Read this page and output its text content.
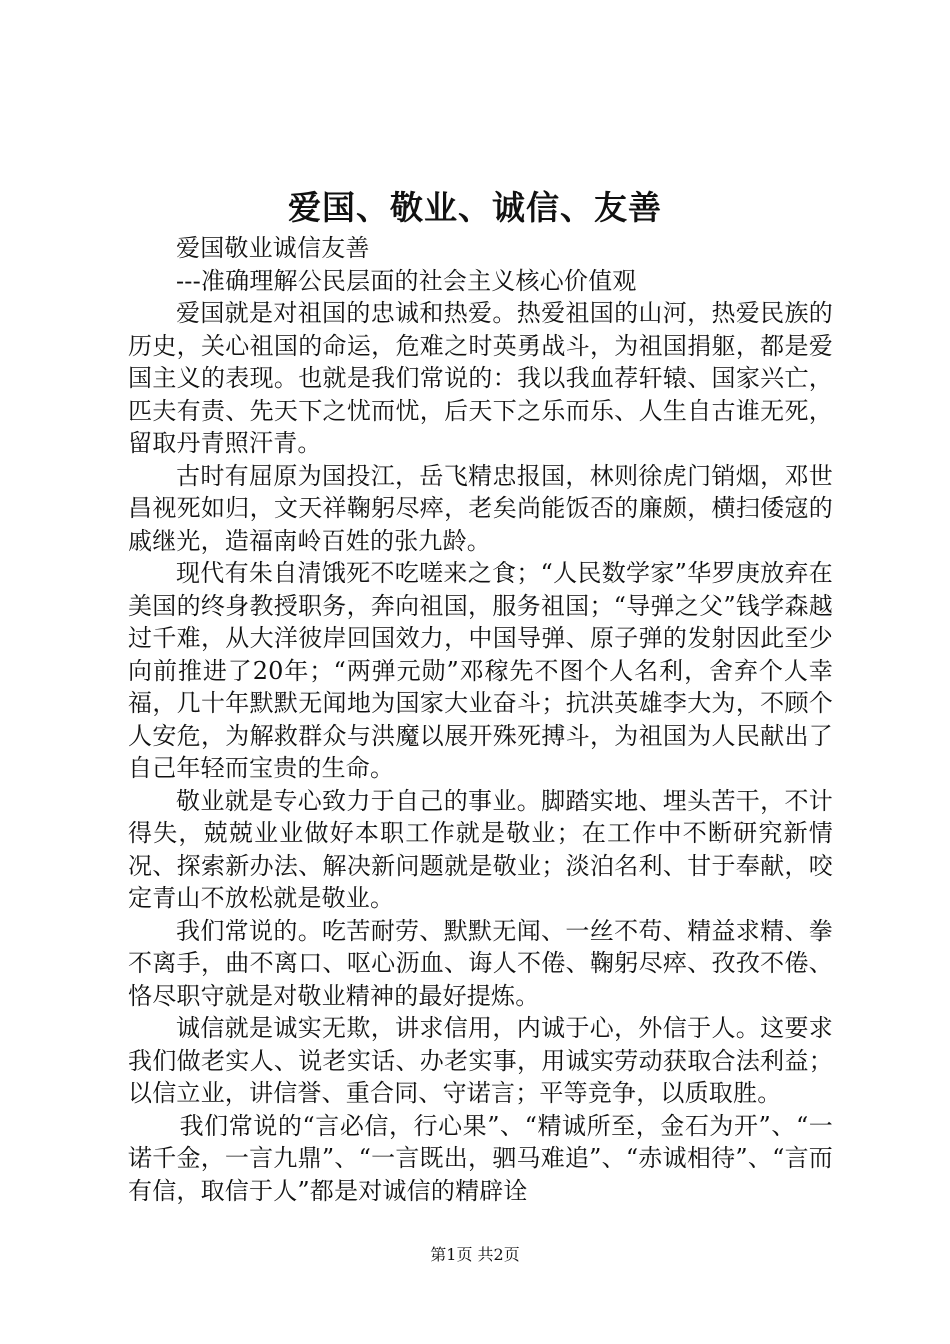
爱国、敬业、诚信、友善

爱国敬业诚信友善

---准确理解公民层面的社会主义核心价值观

爱国就是对祖国的忠诚和热爱。热爱祖国的山河，热爱民族的历史，关心祖国的命运，危难之时英勇战斗，为祖国捐躯，都是爱国主义的表现。也就是我们常说的：我以我血荐轩辕、国家兴亡，匹夫有责、先天下之忧而忧，后天下之乐而乐、人生自古谁无死，留取丹青照汗青。

古时有屈原为国投江，岳飞精忠报国，林则徐虎门销烟，邓世昌视死如归，文天祥鞠躬尽瘁，老矣尚能饭否的廉颇，横扫倭寇的戚继光，造福南岭百姓的张九龄。

现代有朱自清饿死不吃嗟来之食；“人民数学家”华罗庚放弃在美国的终身教授职务，奔向祖国，服务祖国；“导弹之父”钱学森越过千难，从大洋彼岸回国效力，中国导弹、原子弹的发射因此至少向前推进了20年；“两弹元勋”邓稼先不图个人名利，舍弃个人幸福，几十年默默无闻地为国家大业奋斗；抗洪英雄李大为，不顾个人安危，为解救群众与洪魔以展开殊死搏斗，为祖国为人民献出了自己年轻而宝贵的生命。

敬业就是专心致力于自己的事业。脚踏实地、埋头苦干，不计得失，兢兢业业做好本职工作就是敬业；在工作中不断研究新情况、探索新办法、解决新问题就是敬业；淡泊名利、甘于奉献，咬定青山不放松就是敬业。

我们常说的。吃苦耐劳、默默无闻、一丝不苟、精益求精、拳不离手，曲不离口、呕心沥血、诲人不倦、鞠躬尽瘁、孜孜不倦、恪尽职守就是对敬业精神的最好提炼。

诚信就是诚实无欺，讲求信用，内诚于心，外信于人。这要求我们做老实人、说老实话、办老实事，用诚实劳动获取合法利益；以信立业，讲信誉、重合同、守诺言；平等竞争，以质取胜。

我们常说的“言必信，行心果”、“精诚所至，金石为开”、“一诺千金，一言九鼎”、“一言既出，驷马难追”、“赤诚相待”、“言而有信，取信于人”都是对诚信的精辟诠

第1页 共2页
